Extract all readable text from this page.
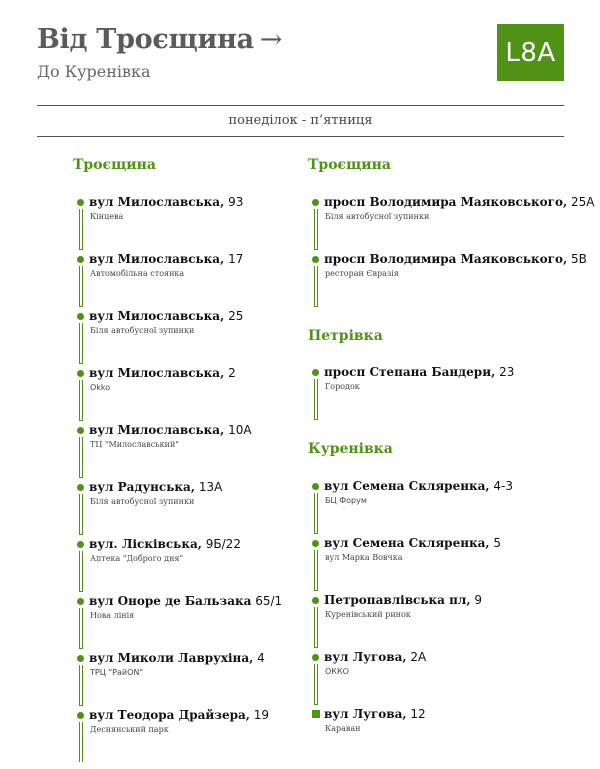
Від Троєщина →
До Куренівка
L8A
понеділок - п’ятниця
Троєщина
вул Милославська, 93
Кінцева
вул Милославська, 17
Автомобільна стоянка
вул Милославська, 25
Біля автобусної зупинки
вул Милославська, 2
Okko
вул Милославська, 10А
ТЦ "Милославський"
вул Радунська, 13А
Біля автобусної зупинки
вул. Лісківська, 9Б/22
Аптека "Доброго дня"
вул Оноре де Бальзака 65/1
Нова лінія
вул Миколи Лаврухіна, 4
ТРЦ "РайON"
вул Теодора Драйзера, 19
Деснянський парк
Троєщина
просп Володимира Маяковського, 25А
Біля автобусної зупинки
просп Володимира Маяковського, 5В
ресторан Євразія
Петрівка
просп Степана Бандери, 23
Городок
Куренівка
вул Семена Скляренка, 4-3
БЦ Форум
вул Семена Скляренка, 5
вул Марка Вовчка
Петропавлівська пл, 9
Куренівський ринок
вул Лугова, 2А
ОККО
вул Лугова, 12
Караван
